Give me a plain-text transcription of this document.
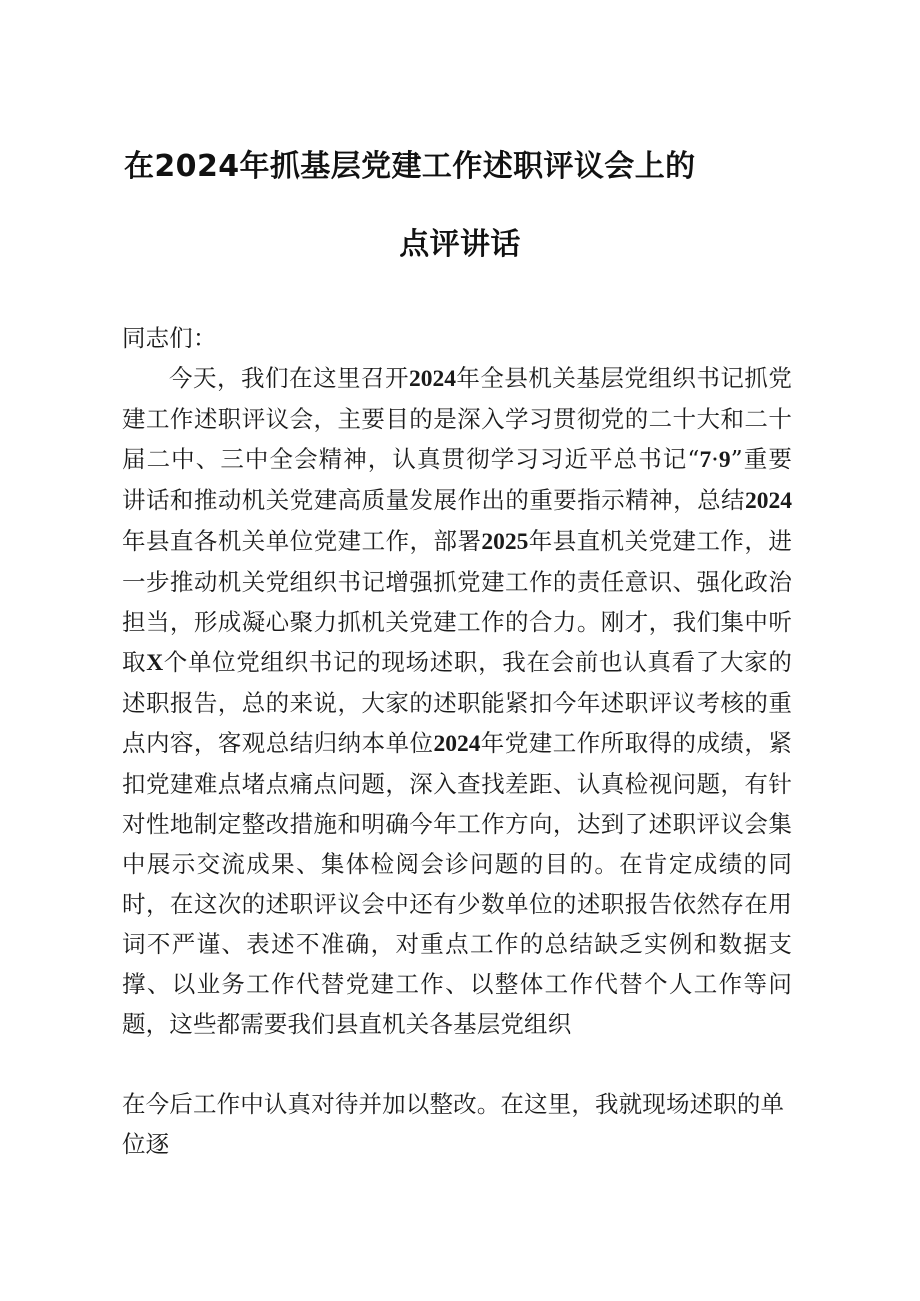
在2024年抓基层党建工作述职评议会上的
点评讲话

同志们：

今天，我们在这里召开2024年全县机关基层党组织书记抓党建工作述职评议会，主要目的是深入学习贯彻党的二十大和二十届二中、三中全会精神，认真贯彻学习习近平总书记“7·9”重要讲话和推动机关党建高质量发展作出的重要指示精神，总结2024年县直各机关单位党建工作，部署2025年县直机关党建工作，进一步推动机关党组织书记增强抓党建工作的责任意识、强化政治担当，形成凝心聚力抓机关党建工作的合力。刚才，我们集中听取X个单位党组织书记的现场述职，我在会前也认真看了大家的述职报告，总的来说，大家的述职能紧扣今年述职评议考核的重点内容，客观总结归纳本单位2024年党建工作所取得的成绩，紧扣党建难点堵点痛点问题，深入查找差距、认真检视问题，有针对性地制定整改措施和明确今年工作方向，达到了述职评议会集中展示交流成果、集体检阅会诊问题的目的。在肯定成绩的同时，在这次的述职评议会中还有少数单位的述职报告依然存在用词不严谨、表述不准确，对重点工作的总结缺乏实例和数据支撑、以业务工作代替党建工作、以整体工作代替个人工作等问题，这些都需要我们县直机关各基层党组织

在今后工作中认真对待并加以整改。在这里，我就现场述职的单位逐
